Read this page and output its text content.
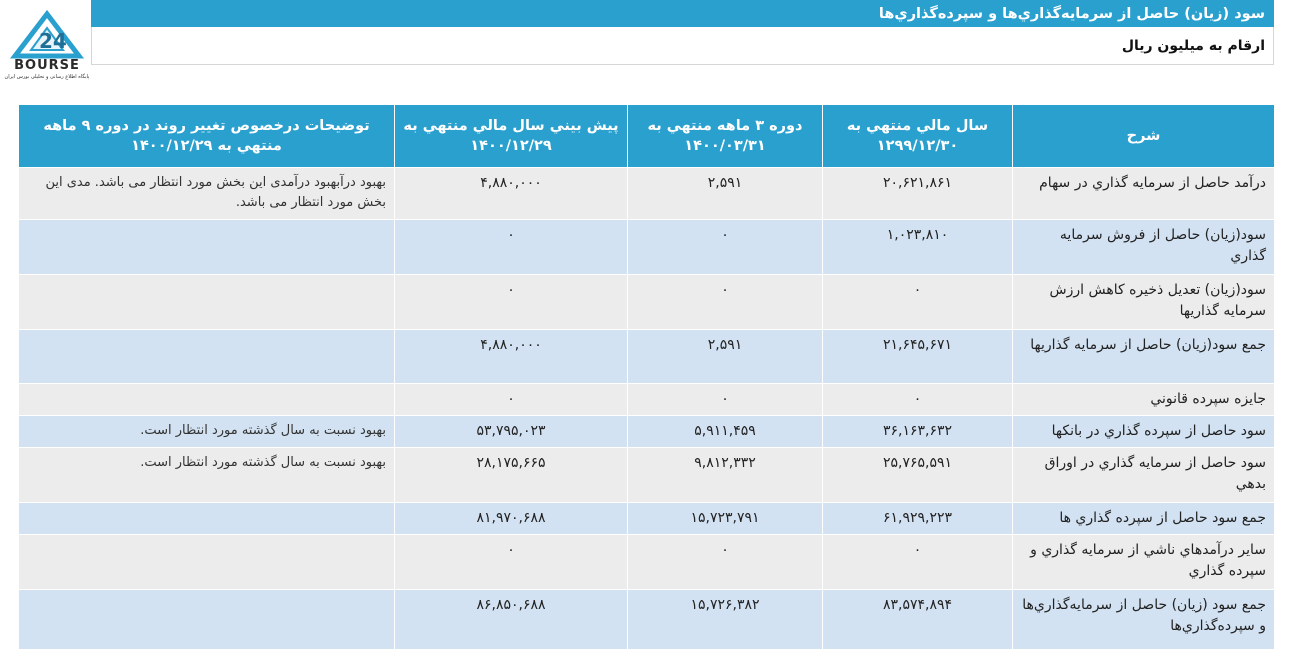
24
BOURSE
پایگاه اطلاع رسانی و تحلیلی بورس ایران
سود (زيان) حاصل از سرمايه‌گذاري‌ها و سپرده‌گذاري‌ها
ارقام به ميليون ريال
شرح	سال مالي منتهي به ۱۲۹۹/۱۲/۳۰	دوره ۳ ماهه منتهي به ۱۴۰۰/۰۳/۳۱	پيش بيني سال مالي منتهي به ۱۴۰۰/۱۲/۲۹	توضيحات درخصوص تغيير روند در دوره ۹ ماهه منتهي به ۱۴۰۰/۱۲/۲۹
درآمد حاصل از سرمايه گذاري در سهام	۲۰,۶۲۱,۸۶۱	۲,۵۹۱	۴,۸۸۰,۰۰۰	بهبود درآبهبود درآمدی این بخش مورد انتظار می باشد. مدی این بخش مورد انتظار می باشد.
سود(زيان) حاصل از فروش سرمايه گذاري	۱,۰۲۳,۸۱۰	۰	۰	
سود(زيان) تعديل ذخيره كاهش ارزش سرمايه گذاريها	۰	۰	۰	
جمع سود(زيان) حاصل از سرمايه گذاريها	۲۱,۶۴۵,۶۷۱	۲,۵۹۱	۴,۸۸۰,۰۰۰	
جايزه سپرده قانوني	۰	۰	۰	
سود حاصل از سپرده گذاري در بانكها	۳۶,۱۶۳,۶۳۲	۵,۹۱۱,۴۵۹	۵۳,۷۹۵,۰۲۳	بهبود نسبت به سال گذشته مورد انتظار است.
سود حاصل از سرمايه گذاري در اوراق بدهي	۲۵,۷۶۵,۵۹۱	۹,۸۱۲,۳۳۲	۲۸,۱۷۵,۶۶۵	بهبود نسبت به سال گذشته مورد انتظار است.
جمع سود حاصل از سپرده گذاري ها	۶۱,۹۲۹,۲۲۳	۱۵,۷۲۳,۷۹۱	۸۱,۹۷۰,۶۸۸	
ساير درآمدهاي ناشي از سرمايه گذاري و سپرده گذاري	۰	۰	۰	
جمع سود (زيان) حاصل از سرمايه‌گذاري‌ها و سپرده‌گذاري‌ها	۸۳,۵۷۴,۸۹۴	۱۵,۷۲۶,۳۸۲	۸۶,۸۵۰,۶۸۸	
